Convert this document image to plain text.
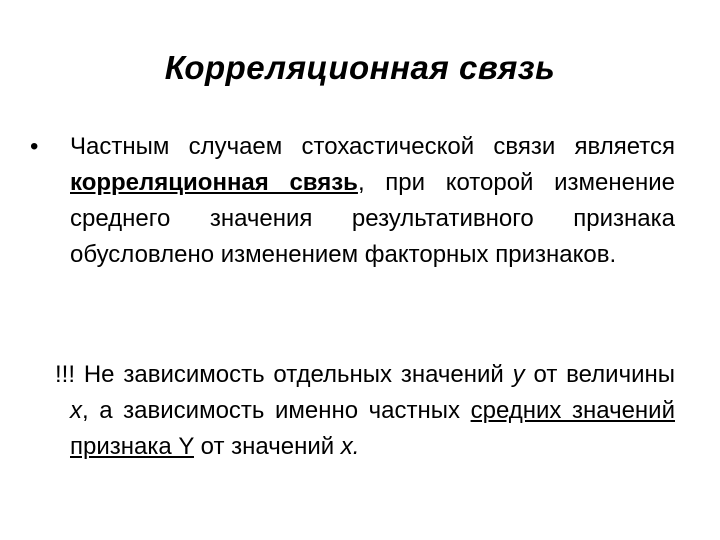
Корреляционная связь
• Частным случаем стохастической связи является корреляционная связь, при которой изменение среднего значения результативного признака обусловлено изменением факторных признаков.

!!! Не зависимость отдельных значений у от величины х, а зависимость именно частных средних значений признака Y от значений х.
